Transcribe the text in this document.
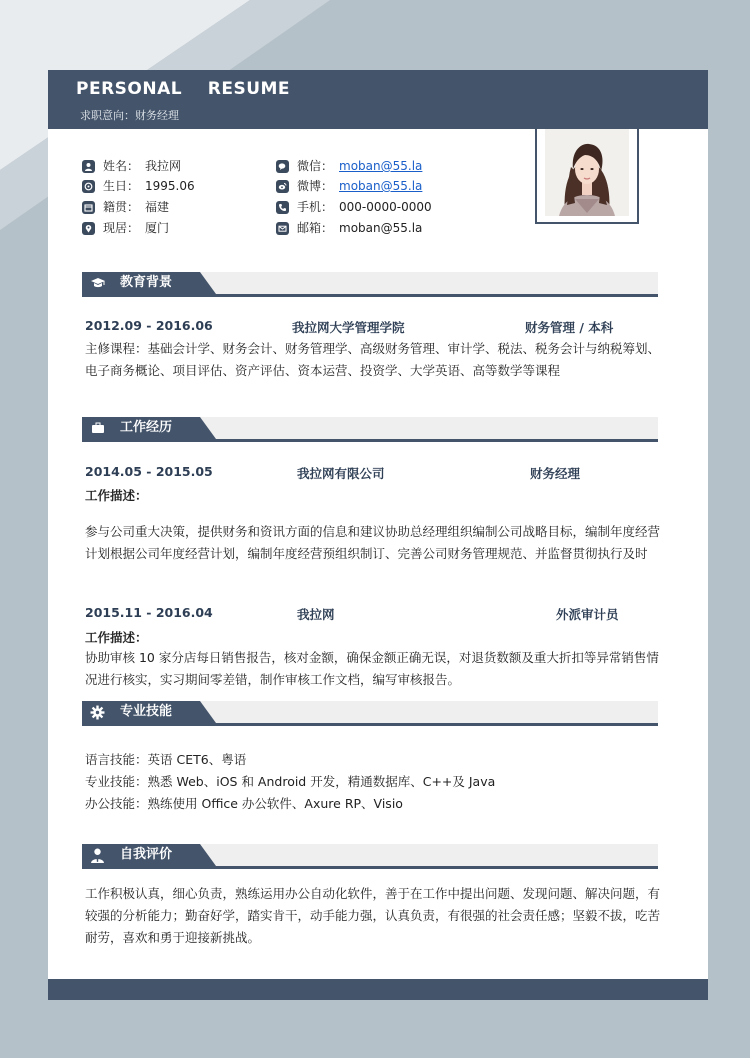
PERSONAL    RESUME
求职意向：财务经理
姓名： 我拉网
生日： 1995.06
籍贯： 福建
现居： 厦门
微信： moban@55.la
微博： moban@55.la
手机： 000-0000-0000
邮箱： moban@55.la
教育背景
2012.09 - 2016.06	我拉网大学管理学院	财务管理 / 本科
主修课程：基础会计学、财务会计、财务管理学、高级财务管理、审计学、税法、税务会计与纳税筹划、电子商务概论、项目评估、资产评估、资本运营、投资学、大学英语、高等数学等课程
工作经历
2014.05 - 2015.05	我拉网有限公司	财务经理
工作描述：
参与公司重大决策，提供财务和资讯方面的信息和建议协助总经理组织编制公司战略目标，编制年度经营计划根据公司年度经营计划，编制年度经营预组织制订、完善公司财务管理规范、并监督贯彻执行及时
2015.11 - 2016.04	我拉网	外派审计员
工作描述：
协助审核 10 家分店每日销售报告，核对金额，确保金额正确无误，对退货数额及重大折扣等异常销售情况进行核实，实习期间零差错，制作审核工作文档，编写审核报告。
专业技能
语言技能：英语 CET6、粤语
专业技能：熟悉 Web、iOS 和 Android 开发，精通数据库、C++及 Java
办公技能：熟练使用 Office 办公软件、Axure RP、Visio
自我评价
工作积极认真，细心负责，熟练运用办公自动化软件，善于在工作中提出问题、发现问题、解决问题，有较强的分析能力；勤奋好学，踏实肯干，动手能力强，认真负责，有很强的社会责任感；坚毅不拔，吃苦耐劳，喜欢和勇于迎接新挑战。
